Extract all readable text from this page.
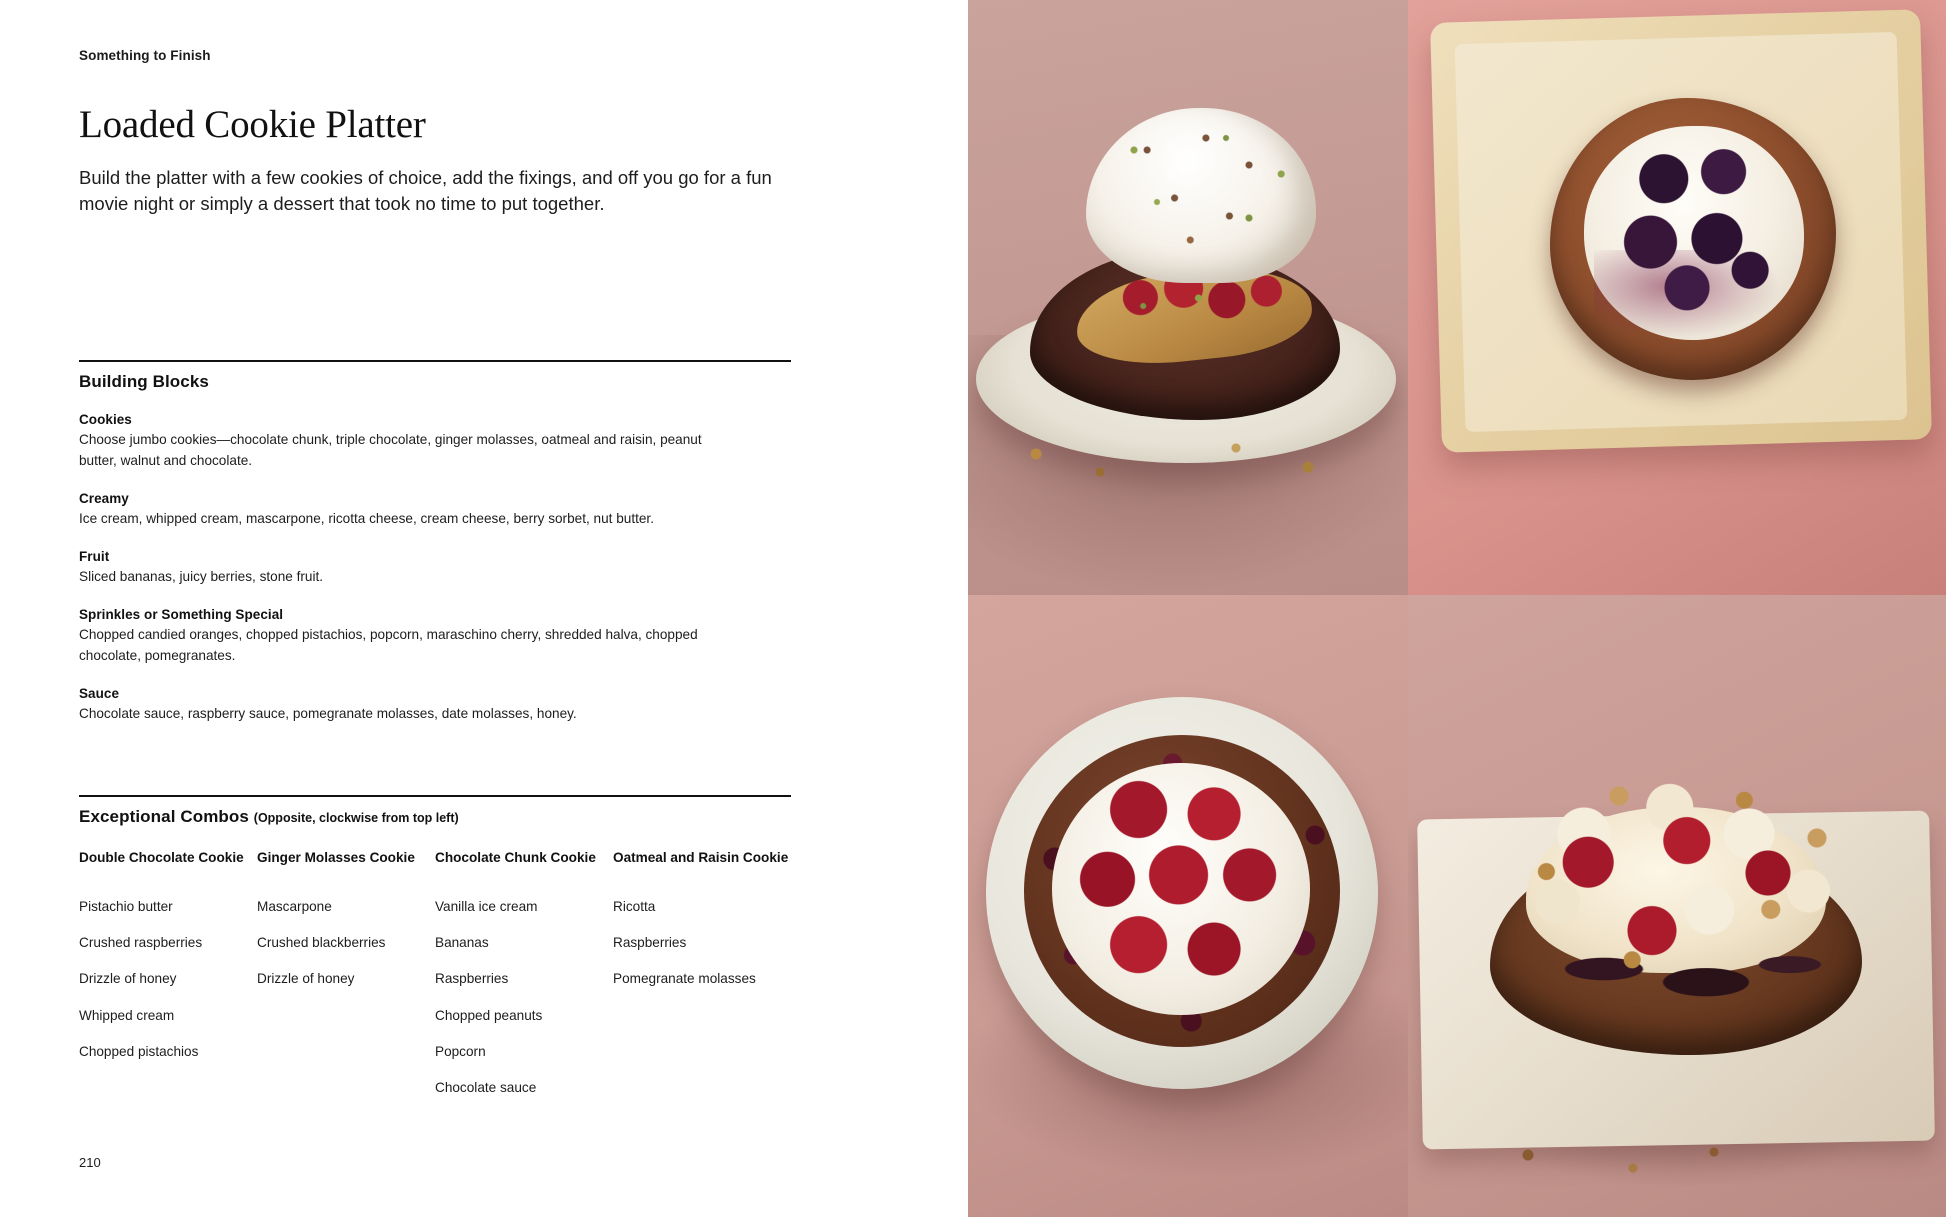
Something to Finish
Loaded Cookie Platter

Build the platter with a few cookies of choice, add the fixings, and off you go for a fun movie night or simply a dessert that took no time to put together.

Building Blocks
Cookies
Choose jumbo cookies—chocolate chunk, triple chocolate, ginger molasses, oatmeal and raisin, peanut butter, walnut and chocolate.
Creamy
Ice cream, whipped cream, mascarpone, ricotta cheese, cream cheese, berry sorbet, nut butter.
Fruit
Sliced bananas, juicy berries, stone fruit.
Sprinkles or Something Special
Chopped candied oranges, chopped pistachios, popcorn, maraschino cherry, shredded halva, chopped chocolate, pomegranates.
Sauce
Chocolate sauce, raspberry sauce, pomegranate molasses, date molasses, honey.
Exceptional Combos (Opposite, clockwise from top left)
Double Chocolate Cookie
Pistachio butter
Crushed raspberries
Drizzle of honey
Whipped cream
Chopped pistachios
Ginger Molasses Cookie
Mascarpone
Crushed blackberries
Drizzle of honey
Chocolate Chunk Cookie
Vanilla ice cream
Bananas
Raspberries
Chopped peanuts
Popcorn
Chocolate sauce
Oatmeal and Raisin Cookie
Ricotta
Raspberries
Pomegranate molasses
210
